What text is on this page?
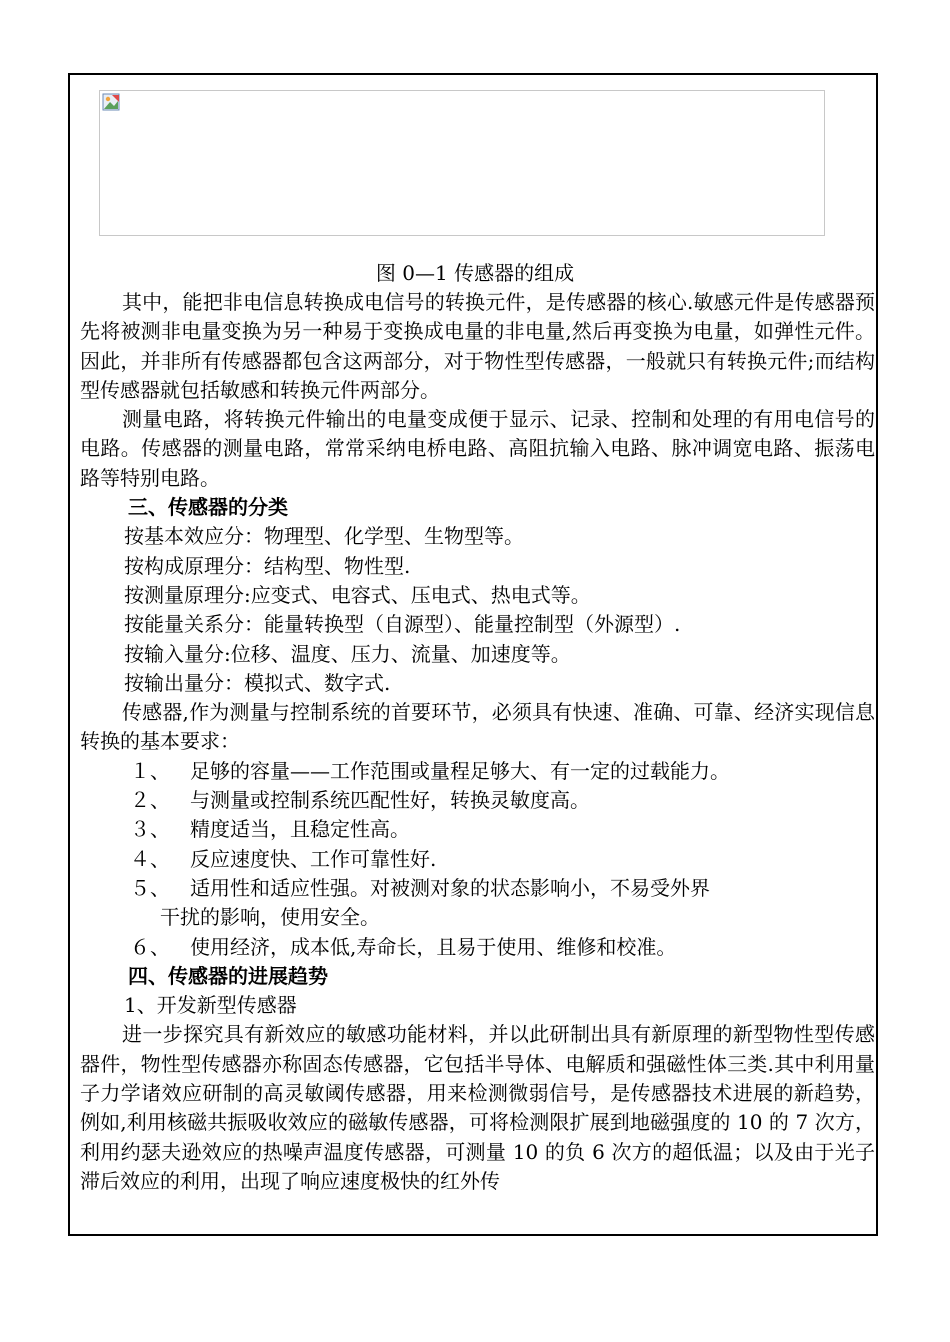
图 0—1 传感器的组成

其中，能把非电信息转换成电信号的转换元件，是传感器的核心.敏感元件是传感器预先将被测非电量变换为另一种易于变换成电量的非电量,然后再变换为电量，如弹性元件。因此，并非所有传感器都包含这两部分，对于物性型传感器，一般就只有转换元件;而结构型传感器就包括敏感和转换元件两部分。

测量电路，将转换元件输出的电量变成便于显示、记录、控制和处理的有用电信号的电路。传感器的测量电路，常常采纳电桥电路、高阻抗输入电路、脉冲调宽电路、振荡电路等特别电路。

三、传感器的分类

按基本效应分：物理型、化学型、生物型等。

按构成原理分：结构型、物性型.

按测量原理分:应变式、电容式、压电式、热电式等。

按能量关系分：能量转换型（自源型）、能量控制型（外源型）.

按输入量分:位移、温度、压力、流量、加速度等。

按输出量分：模拟式、数字式.

传感器,作为测量与控制系统的首要环节，必须具有快速、准确、可靠、经济实现信息转换的基本要求：

１、	足够的容量——工作范围或量程足够大、有一定的过载能力。
２、	与测量或控制系统匹配性好，转换灵敏度高。
３、	精度适当，且稳定性高。
４、	反应速度快、工作可靠性好.
５、	适用性和适应性强。对被测对象的状态影响小，不易受外界
干扰的影响，使用安全。
６、	使用经济，成本低,寿命长，且易于使用、维修和校准。

四、传感器的进展趋势

1、开发新型传感器

进一步探究具有新效应的敏感功能材料，并以此研制出具有新原理的新型物性型传感器件，物性型传感器亦称固态传感器，它包括半导体、电解质和强磁性体三类.其中利用量子力学诸效应研制的高灵敏阈传感器，用来检测微弱信号，是传感器技术进展的新趋势，例如,利用核磁共振吸收效应的磁敏传感器，可将检测限扩展到地磁强度的 10 的 7 次方，利用约瑟夫逊效应的热噪声温度传感器，可测量 10 的负 6 次方的超低温；以及由于光子滞后效应的利用，出现了响应速度极快的红外传
